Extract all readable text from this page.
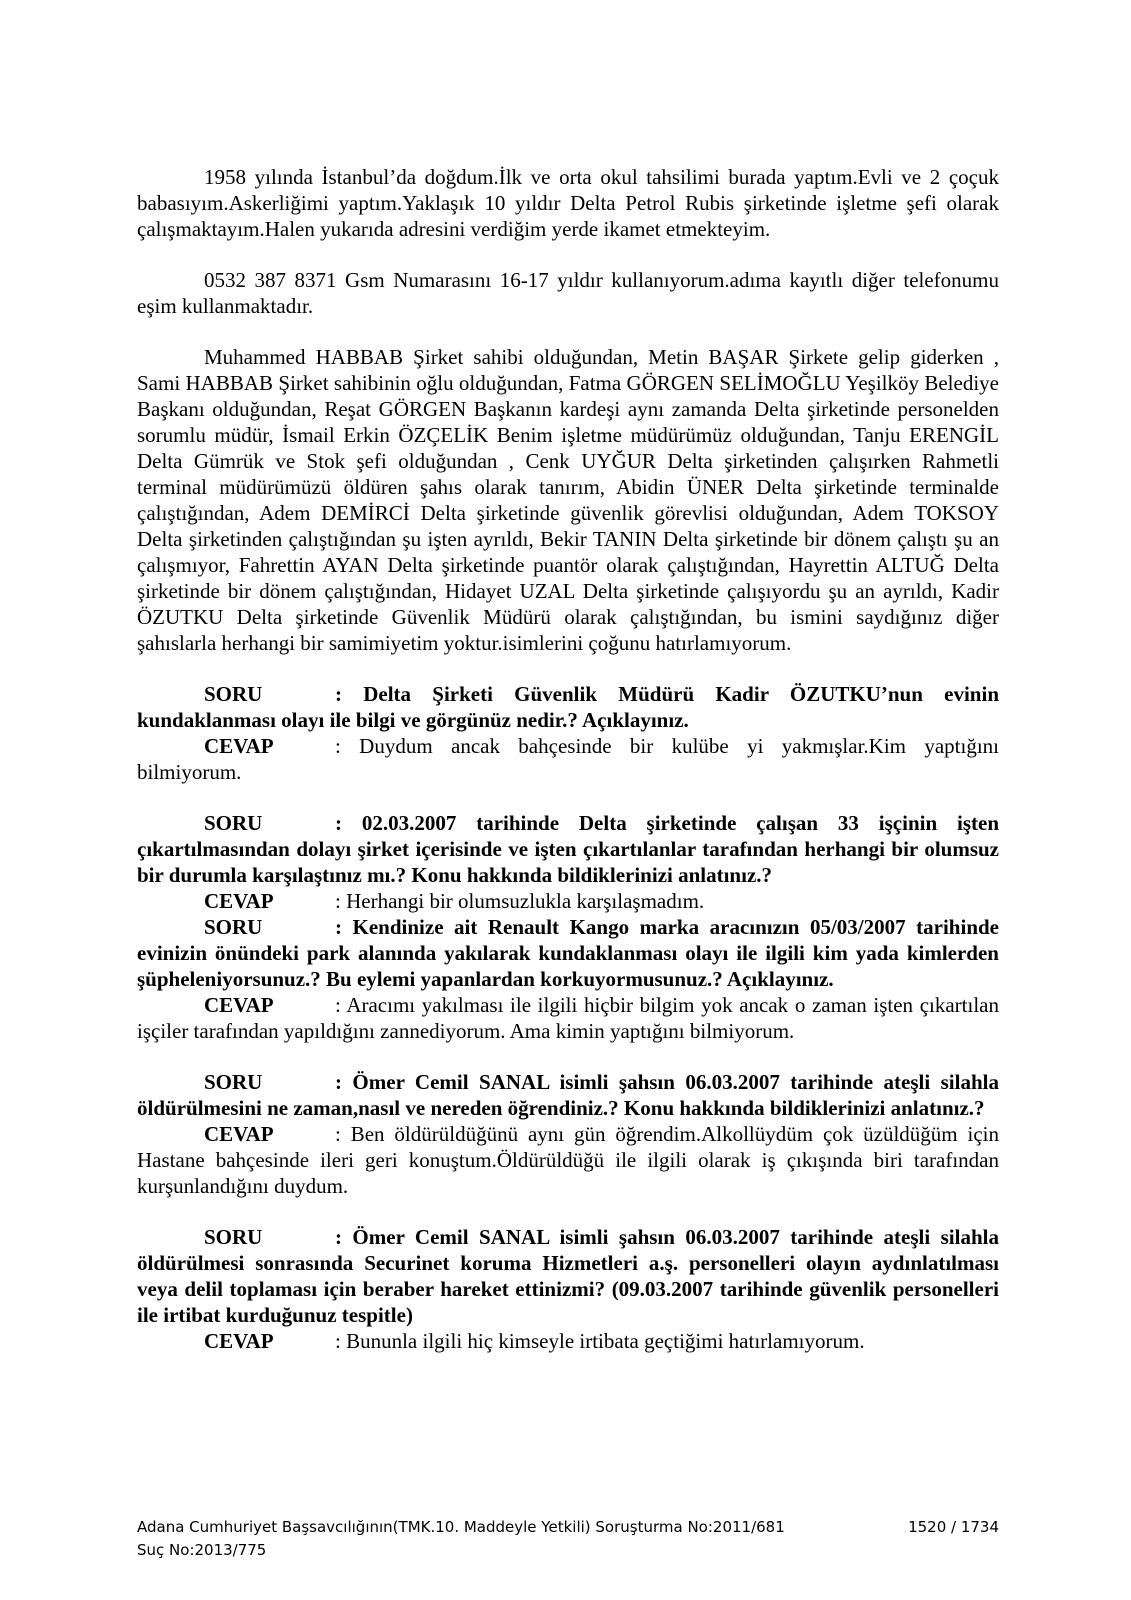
1958 yılında İstanbul’da doğdum.İlk ve orta okul tahsilimi burada yaptım.Evli ve 2 çoçuk babasıyım.Askerliğimi yaptım.Yaklaşık 10 yıldır Delta Petrol Rubis şirketinde işletme şefi olarak çalışmaktayım.Halen yukarıda adresini verdiğim yerde ikamet etmekteyim.

0532 387 8371 Gsm Numarasını 16-17 yıldır kullanıyorum.adıma kayıtlı diğer telefonumu eşim kullanmaktadır.

Muhammed HABBAB Şirket sahibi olduğundan, Metin BAŞAR Şirkete gelip giderken , Sami HABBAB Şirket sahibinin oğlu olduğundan, Fatma GÖRGEN SELİMOĞLU Yeşilköy Belediye Başkanı olduğundan, Reşat GÖRGEN Başkanın kardeşi aynı zamanda Delta şirketinde personelden sorumlu müdür, İsmail Erkin ÖZÇELİK Benim işletme müdürümüz olduğundan, Tanju ERENGİL Delta Gümrük ve Stok şefi olduğundan , Cenk UYĞUR Delta şirketinden çalışırken Rahmetli terminal müdürümüzü öldüren şahıs olarak tanırım, Abidin ÜNER Delta şirketinde terminalde çalıştığından, Adem DEMİRCİ Delta şirketinde güvenlik görevlisi olduğundan, Adem TOKSOY Delta şirketinden çalıştığından şu işten ayrıldı, Bekir TANIN Delta şirketinde bir dönem çalıştı şu an çalışmıyor, Fahrettin AYAN Delta şirketinde puantör olarak çalıştığından, Hayrettin ALTUĞ Delta şirketinde bir dönem çalıştığından, Hidayet UZAL Delta şirketinde çalışıyordu şu an ayrıldı, Kadir ÖZUTKU Delta şirketinde Güvenlik Müdürü olarak çalıştığından, bu ismini saydığınız diğer şahıslarla herhangi bir samimiyetim yoktur.isimlerini çoğunu hatırlamıyorum.

SORU	: Delta Şirketi Güvenlik Müdürü Kadir ÖZUTKU’nun evinin kundaklanması olayı ile bilgi ve görgünüz nedir.? Açıklayınız.

CEVAP	: Duydum ancak bahçesinde bir kulübe yi yakmışlar.Kim yaptığını bilmiyorum.

SORU	: 02.03.2007 tarihinde Delta şirketinde çalışan 33 işçinin işten çıkartılmasından dolayı şirket içerisinde ve işten çıkartılanlar tarafından herhangi bir olumsuz bir durumla karşılaştınız mı.? Konu hakkında bildiklerinizi anlatınız.?

CEVAP	: Herhangi bir olumsuzlukla karşılaşmadım.

SORU	: Kendinize ait Renault Kango marka aracınızın 05/03/2007 tarihinde evinizin önündeki park alanında yakılarak kundaklanması olayı ile ilgili kim yada kimlerden şüpheleniyorsunuz.? Bu eylemi yapanlardan korkuyormusunuz.? Açıklayınız.

CEVAP	: Aracımı yakılması ile ilgili hiçbir bilgim yok ancak o zaman işten çıkartılan işçiler tarafından yapıldığını zannediyorum. Ama kimin yaptığını bilmiyorum.

SORU	: Ömer Cemil SANAL isimli şahsın 06.03.2007 tarihinde ateşli silahla öldürülmesini ne zaman,nasıl ve nereden öğrendiniz.? Konu hakkında bildiklerinizi anlatınız.?

CEVAP	: Ben öldürüldüğünü aynı gün öğrendim.Alkollüydüm çok üzüldüğüm için Hastane bahçesinde ileri geri konuştum.Öldürüldüğü ile ilgili olarak iş çıkışında biri tarafından kurşunlandığını duydum.

SORU	: Ömer Cemil SANAL isimli şahsın 06.03.2007 tarihinde ateşli silahla öldürülmesi sonrasında Securinet koruma Hizmetleri a.ş. personelleri olayın aydınlatılması veya delil toplaması için beraber hareket ettinizmi? (09.03.2007 tarihinde güvenlik personelleri ile irtibat kurduğunuz tespitle)

CEVAP	: Bununla ilgili hiç kimseyle irtibata geçtiğimi hatırlamıyorum.

Adana Cumhuriyet Başsavcılığının(TMK.10. Maddeyle Yetkili) Soruşturma No:2011/681
Suç No:2013/775
1520 / 1734
